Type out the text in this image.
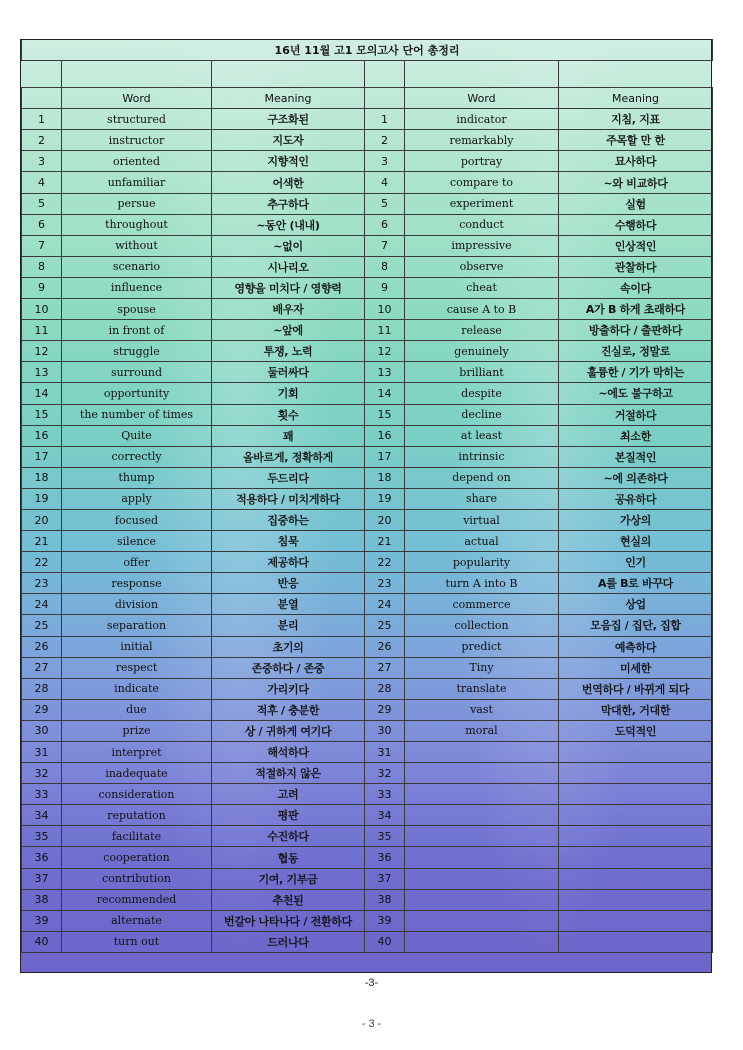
16년 11월 고1 모의고사 단어 총정리					

	Word	Meaning		Word	Meaning
1	structured	구조화된	1	indicator	지침, 지표
2	instructor	지도자	2	remarkably	주목할 만 한
3	oriented	지향적인	3	portray	묘사하다
4	unfamiliar	어색한	4	compare to	~와 비교하다
5	persue	추구하다	5	experiment	실험
6	throughout	~동안 (내내)	6	conduct	수행하다
7	without	~없이	7	impressive	인상적인
8	scenario	시나리오	8	observe	관찰하다
9	influence	영향을 미치다 / 영향력	9	cheat	속이다
10	spouse	배우자	10	cause A to B	A가 B 하게 초래하다
11	in front of	~앞에	11	release	방출하다 / 출판하다
12	struggle	투쟁, 노력	12	genuinely	진실로, 정말로
13	surround	둘러싸다	13	brilliant	훌륭한 / 기가 막히는
14	opportunity	기회	14	despite	~에도 불구하고
15	the number of times	횟수	15	decline	거절하다
16	Quite	꽤	16	at least	최소한
17	correctly	올바르게, 정확하게	17	intrinsic	본질적인
18	thump	두드리다	18	depend on	~에 의존하다
19	apply	적용하다 / 미치게하다	19	share	공유하다
20	focused	집중하는	20	virtual	가상의
21	silence	침묵	21	actual	현실의
22	offer	제공하다	22	popularity	인기
23	response	반응	23	turn A into B	A를 B로 바꾸다
24	division	분열	24	commerce	상업
25	separation	분리	25	collection	모음집 / 집단, 집합
26	initial	초기의	26	predict	예측하다
27	respect	존중하다 / 존중	27	Tiny	미세한
28	indicate	가리키다	28	translate	번역하다 / 바뀌게 되다
29	due	적후 / 충분한	29	vast	막대한, 거대한
30	prize	상 / 귀하게 여기다	30	moral	도덕적인
31	interpret	해석하다	31		
32	inadequate	적절하지 않은	32		
33	consideration	고려	33		
34	reputation	평판	34		
35	facilitate	수진하다	35		
36	cooperation	협동	36		
37	contribution	기여, 기부금	37		
38	recommended	추천된	38		
39	alternate	번갈아 나타나다 / 전환하다	39		
40	turn out	드러나다	40		
-3-
- 3 -
